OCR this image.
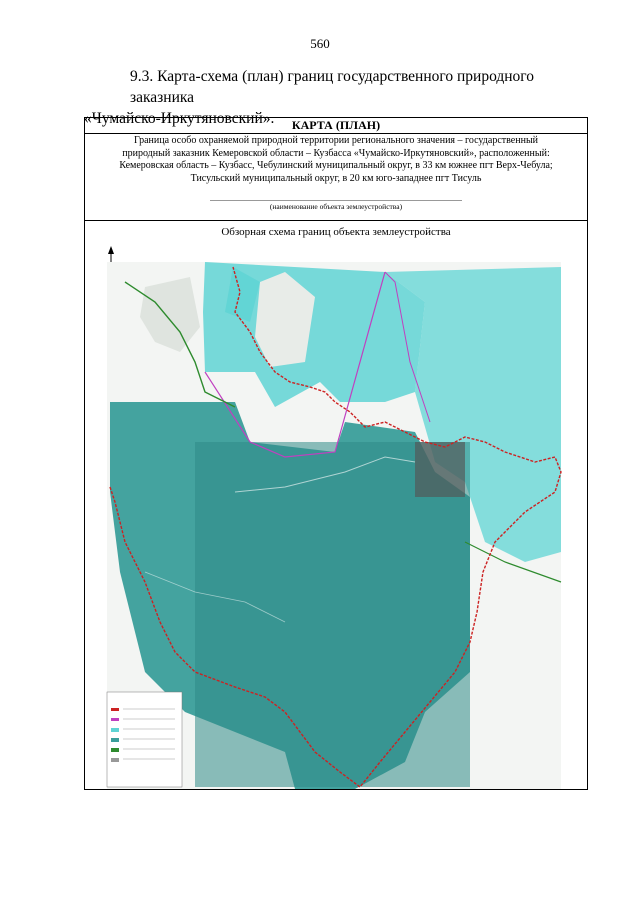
560
9.3. Карта-схема (план) границ государственного природного заказника
«Чумайско-Иркутяновский».	КАРТА (ПЛАН)
Граница особо охраняемой природной территории регионального значения – государственный
природный заказник Кемеровской области – Кузбасса «Чумайско-Иркутяновский», расположенный:
Кемеровская область – Кузбасс, Чебулинский муниципальный округ, в 33 км южнее пгт Верх-Чебула;
Тисульский муниципальный округ, в 20 км юго-западнее пгт Тисуль
(наименование объекта землеустройства)
Обзорная схема границ объекта землеустройства
